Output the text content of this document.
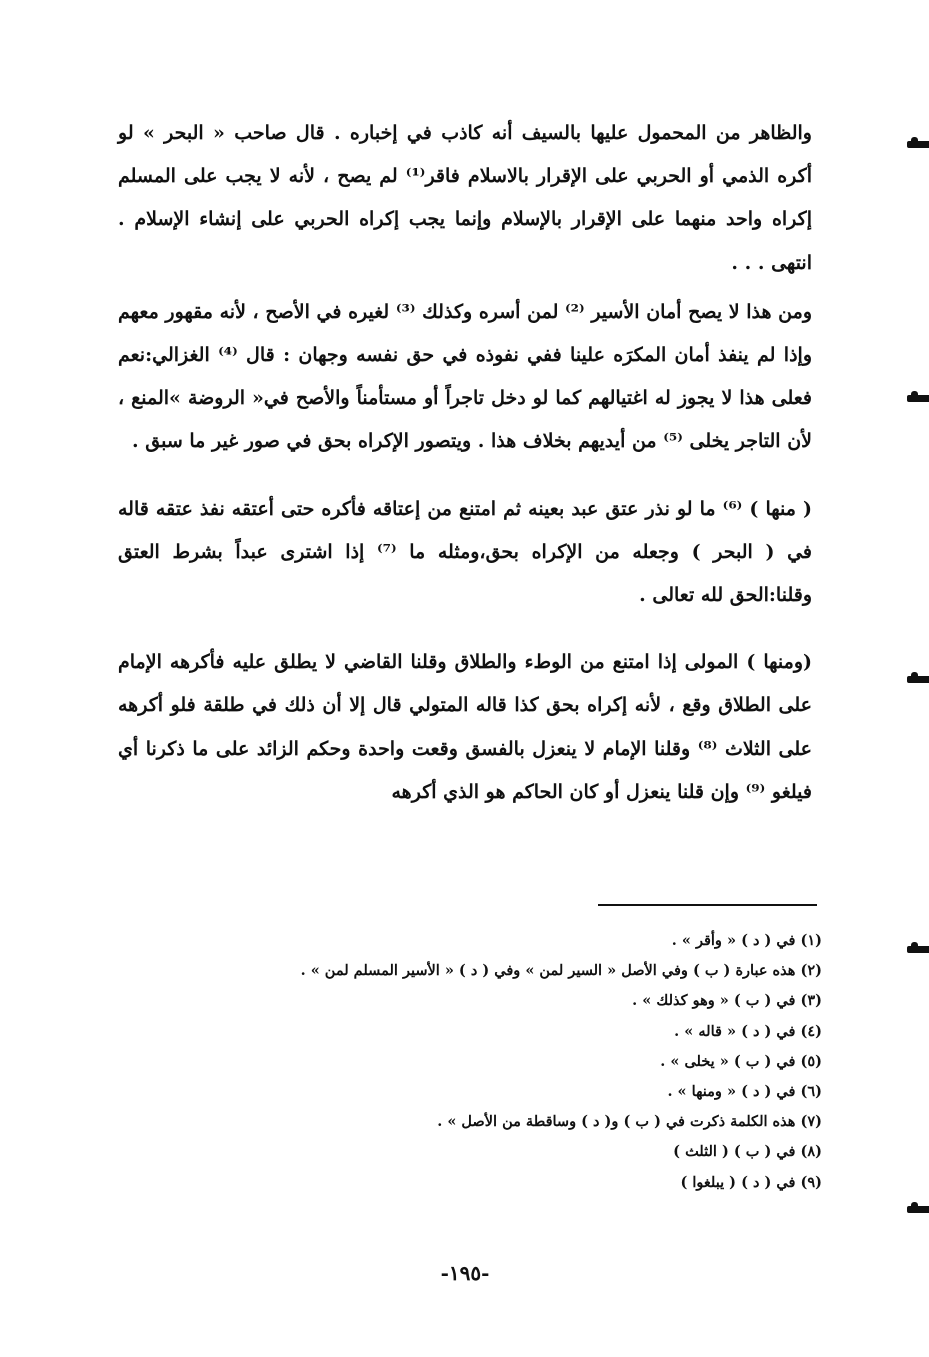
والظاهر من المحمول عليها بالسيف أنه كاذب في إخباره . قال صاحب « البحر » لو أكره الذمي أو الحربي على الإقرار بالاسلام فاقر⁽¹⁾ لم يصح ، لأنه لا يجب على المسلم إكراه واحد منهما على الإقرار بالإسلام وإنما يجب إكراه الحربي على إنشاء الإسلام . انتهى . . .

ومن هذا لا يصح أمان الأسير ⁽²⁾ لمن أسره وكذلك ⁽³⁾ لغيره في الأصح ، لأنه مقهور معهم وإذا لم ينفذ أمان المكرَه علينا ففي نفوذه في حق نفسه وجهان : قال ⁽⁴⁾ الغزالي:نعم فعلى هذا لا يجوز له اغتيالهم كما لو دخل تاجراً أو مستأمناً والأصح في« الروضة »المنع ، لأن التاجر يخلى ⁽⁵⁾ من أيديهم بخلاف هذا . ويتصور الإكراه بحق في صور غير ما سبق .

( منها ) ⁽⁶⁾ ما لو نذر عتق عبد بعينه ثم امتنع من إعتاقه فأكره حتى أعتقه نفذ عتقه قاله في ( البحر ) وجعله من الإكراه بحق،ومثله ما ⁽⁷⁾ إذا اشترى عبداً بشرط العتق وقلنا:الحق لله تعالى .

(ومنها ) المولى إذا امتنع من الوطء والطلاق وقلنا القاضي لا يطلق عليه فأكرهه الإمام على الطلاق وقع ، لأنه إكراه بحق كذا قاله المتولي قال إلا أن ذلك في طلقة فلو أكرهه على الثلاث ⁽⁸⁾ وقلنا الإمام لا ينعزل بالفسق وقعت واحدة وحكم الزائد على ما ذكرنا أي فيلغو ⁽⁹⁾ وإن قلنا ينعزل أو كان الحاكم هو الذي أكرهه

(١) في ( د ) « وأقر » .
(٢) هذه عبارة ( ب ) وفي الأصل « السير لمن » وفي ( د ) « الأسير المسلم لمن » .
(٣) في ( ب ) « وهو كذلك » .
(٤) في ( د ) « قاله » .
(٥) في ( ب ) « يخلى » .
(٦) في ( د ) « ومنها » .
(٧) هذه الكلمة ذكرت في ( ب ) و( د ) وساقطة من الأصل » .
(٨) في ( ب ) ( الثلث )
(٩) في ( د ) ( يبلغوا )
-١٩٥-
